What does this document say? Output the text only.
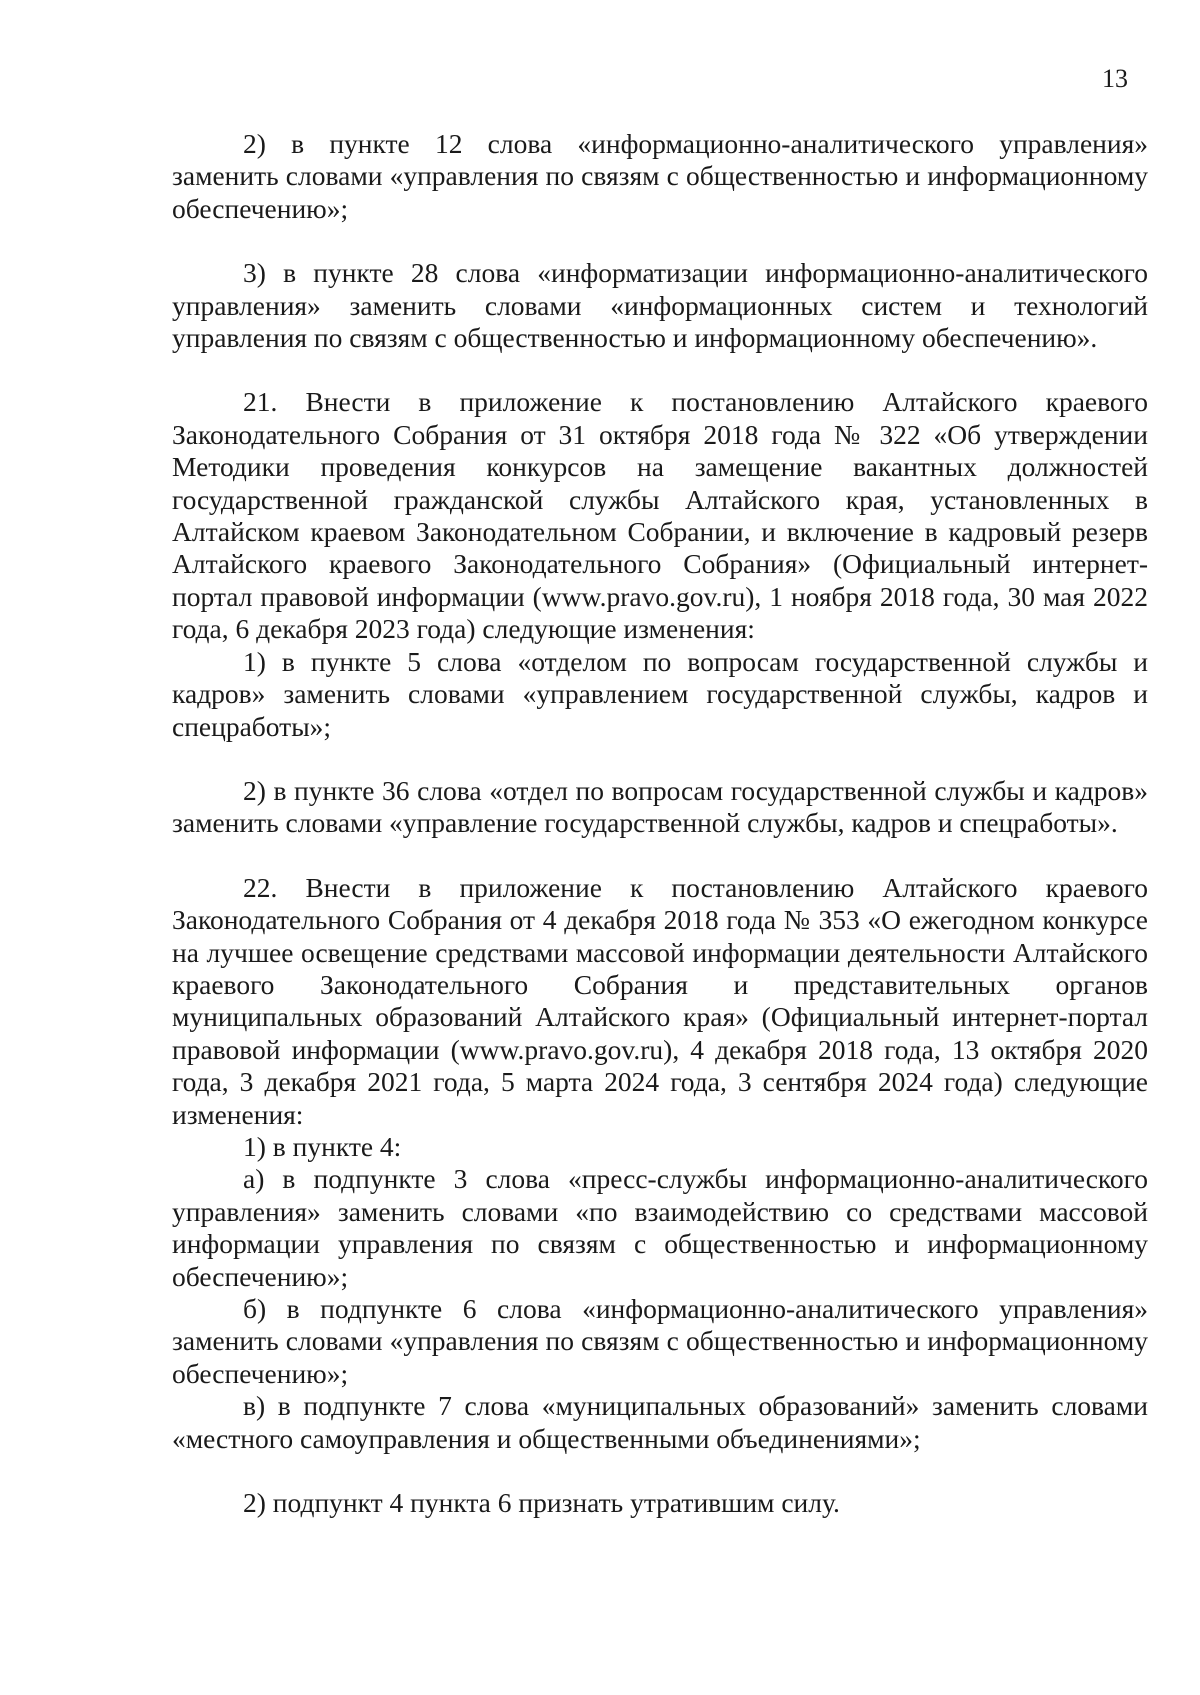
13

2) в пункте 12 слова «информационно-аналитического управления» заменить словами «управления по связям с общественностью и информационному обеспечению»;

3) в пункте 28 слова «информатизации информационно-аналитического управления» заменить словами «информационных систем и технологий управления по связям с общественностью и информационному обеспечению».

21. Внести в приложение к постановлению Алтайского краевого Законодательного Собрания от 31 октября 2018 года № 322 «Об утверждении Методики проведения конкурсов на замещение вакантных должностей государственной гражданской службы Алтайского края, установленных в Алтайском краевом Законодательном Собрании, и включение в кадровый резерв Алтайского краевого Законодательного Собрания» (Официальный интернет-портал правовой информации (www.pravo.gov.ru), 1 ноября 2018 года, 30 мая 2022 года, 6 декабря 2023 года) следующие изменения:

1) в пункте 5 слова «отделом по вопросам государственной службы и кадров» заменить словами «управлением государственной службы, кадров и спецработы»;

2) в пункте 36 слова «отдел по вопросам государственной службы и кадров» заменить словами «управление государственной службы, кадров и спецработы».

22. Внести в приложение к постановлению Алтайского краевого Законодательного Собрания от 4 декабря 2018 года № 353 «О ежегодном конкурсе на лучшее освещение средствами массовой информации деятельности Алтайского краевого Законодательного Собрания и представительных органов муниципальных образований Алтайского края» (Официальный интернет-портал правовой информации (www.pravo.gov.ru), 4 декабря 2018 года, 13 октября 2020 года, 3 декабря 2021 года, 5 марта 2024 года, 3 сентября 2024 года) следующие изменения:

1) в пункте 4:

а) в подпункте 3 слова «пресс-службы информационно-аналитического управления» заменить словами «по взаимодействию со средствами массовой информации управления по связям с общественностью и информационному обеспечению»;

б) в подпункте 6 слова «информационно-аналитического управления» заменить словами «управления по связям с общественностью и информационному обеспечению»;

в) в подпункте 7 слова «муниципальных образований» заменить словами «местного самоуправления и общественными объединениями»;

2) подпункт 4 пункта 6 признать утратившим силу.
